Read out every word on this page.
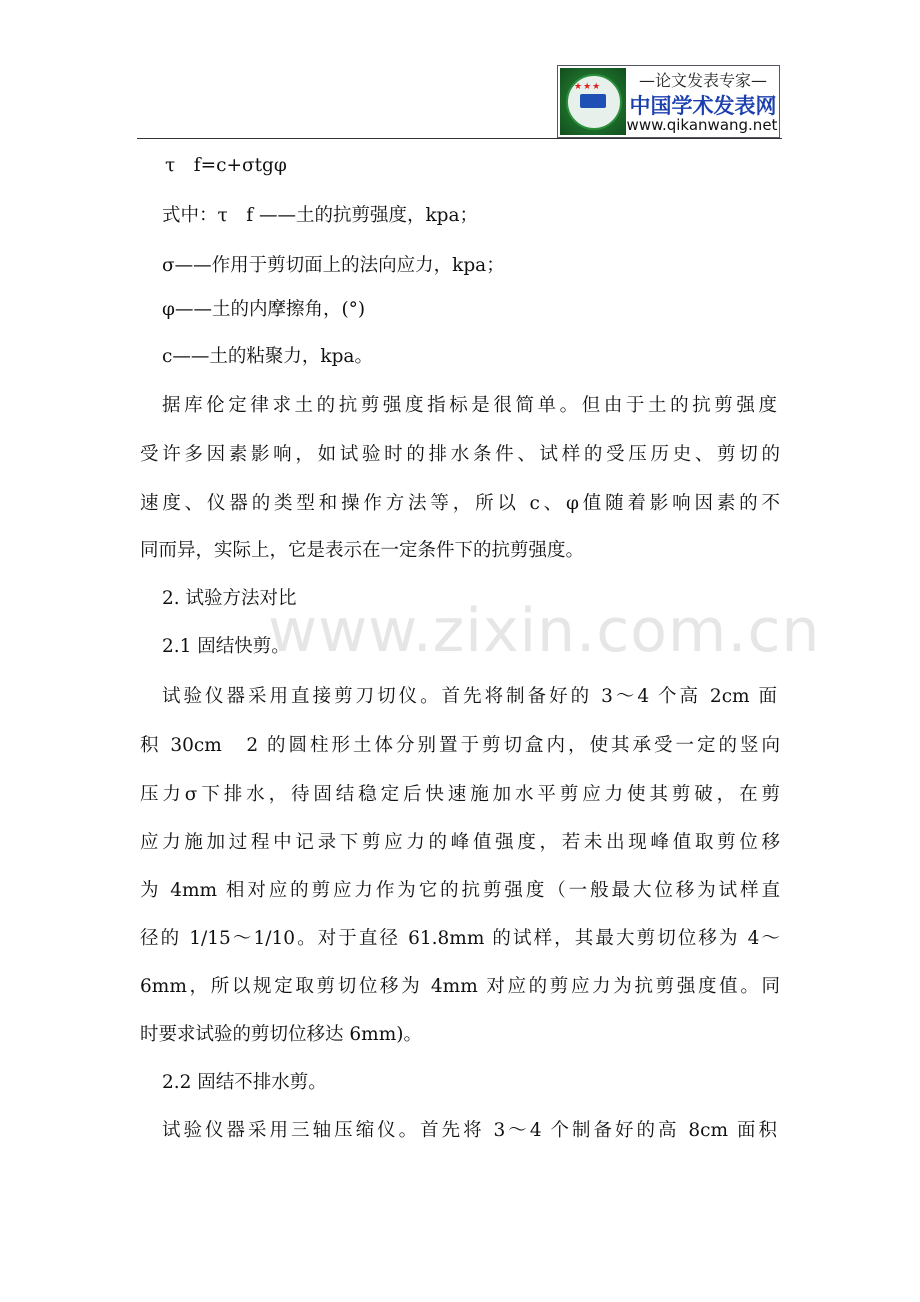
★★★	—论文发表专家—
中国学术发表网
www.qikanwang.net
www.zixin.com.cn
τ　f=c+σtgφ
式中：τ　f ——土的抗剪强度，kpa；
σ——作用于剪切面上的法向应力，kpa；
φ——土的内摩擦角，(°)
c——土的粘聚力，kpa。
据库伦定律求土的抗剪强度指标是很简单。但由于土的抗剪强度
受许多因素影响，如试验时的排水条件、试样的受压历史、剪切的
速度、仪器的类型和操作方法等，所以 c、φ值随着影响因素的不
同而异，实际上，它是表示在一定条件下的抗剪强度。
2. 试验方法对比
2.1 固结快剪。
试验仪器采用直接剪刀切仪。首先将制备好的 3～4 个高 2cm 面
积 30cm　2 的圆柱形土体分别置于剪切盒内，使其承受一定的竖向
压力σ下排水，待固结稳定后快速施加水平剪应力使其剪破，在剪
应力施加过程中记录下剪应力的峰值强度，若未出现峰值取剪位移
为 4mm 相对应的剪应力作为它的抗剪强度（一般最大位移为试样直
径的 1/15～1/10。对于直径 61.8mm 的试样，其最大剪切位移为 4～
6mm，所以规定取剪切位移为 4mm 对应的剪应力为抗剪强度值。同
时要求试验的剪切位移达 6mm)。
2.2 固结不排水剪。
试验仪器采用三轴压缩仪。首先将 3～4 个制备好的高 8cm 面积
